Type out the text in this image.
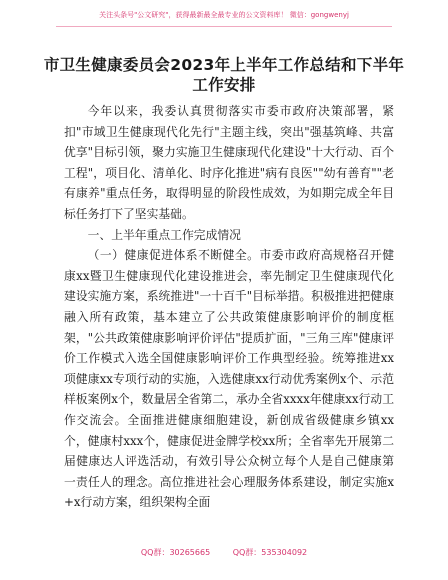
关注头条号"公文研究"，获得最新最全最专业的公文资料库！ 微信：gongwenyj
市卫生健康委员会2023年上半年工作总结和下半年工作安排

今年以来，我委认真贯彻落实市委市政府决策部署，紧扣"市域卫生健康现代化先行"主题主线，突出"强基筑峰、共富优享"目标引领，聚力实施卫生健康现代化建设"十大行动、百个工程"，项目化、清单化、时序化推进"病有良医""幼有善育""老有康养"重点任务，取得明显的阶段性成效，为如期完成全年目标任务打下了坚实基础。

一、上半年重点工作完成情况

（一）健康促进体系不断健全。市委市政府高规格召开健康xx暨卫生健康现代化建设推进会，率先制定卫生健康现代化建设实施方案，系统推进"一十百千"目标举措。积极推进把健康融入所有政策，基本建立了公共政策健康影响评价的制度框架，"公共政策健康影响评价评估"提质扩面，"三角三库"健康评价工作模式入选全国健康影响评价工作典型经验。统筹推进xx项健康xx专项行动的实施，入选健康xx行动优秀案例x个、示范样板案例x个，数量居全省第二，承办全省xxxx年健康xx行动工作交流会。全面推进健康细胞建设，新创成省级健康乡镇xx个，健康村xxx个，健康促进金牌学校xx所；全省率先开展第二届健康达人评选活动，有效引导公众树立每个人是自己健康第一责任人的理念。高位推进社会心理服务体系建设，制定实施x+x行动方案，组织架构全面

QQ群：30265665	QQ群：535304092
